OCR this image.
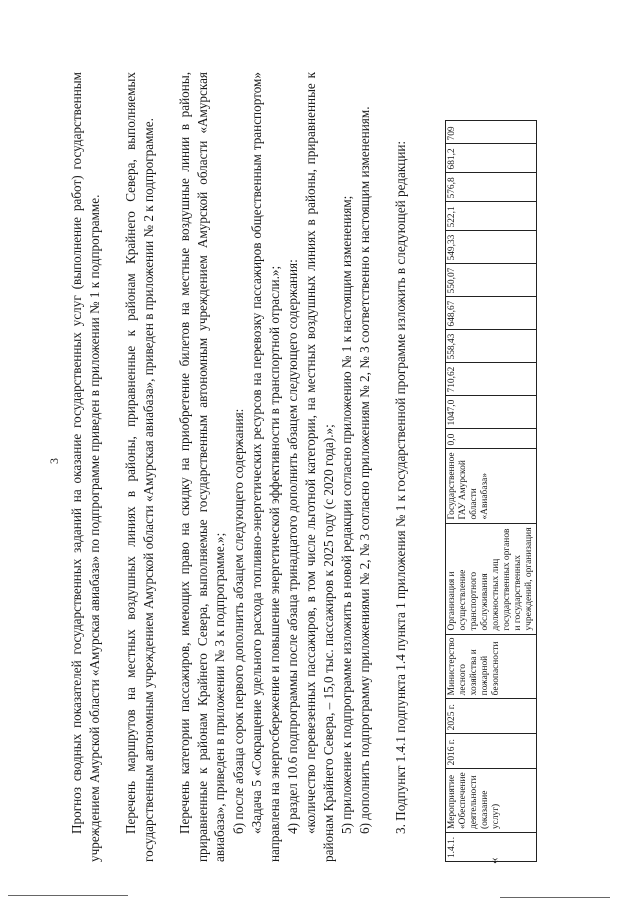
3 Прогноз сводных показателей государственных заданий на оказание государственных услуг (выполнение работ) государственным учреждением Амурской области «Амурская авиабаза» по подпрограмме приведен в приложении № 1 к подпрограмме. Перечень маршрутов на местных воздушных линиях в районы, приравненные к районам Крайнего Севера, выполняемых государственным автономным учреждением Амурской области «Амурская авиабаза», приведен в приложении № 2 к подпрограмме. Перечень категории пассажиров, имеющих право на скидку на приобретение билетов на местные воздушные линии в районы, приравненные к районам Крайнего Севера, выполняемые государственным автономным учреждением Амурской области «Амурская авиабаза», приведен в приложении № 3 к подпрограмме.»; б) после абзаца сорок первого дополнить абзацем следующего содержания: «Задача 5 «Сокращение удельного расхода топливно-энергетических ресурсов на перевозку пассажиров общественным транспортом» направлена на энергосбережение и повышение энергетической эффективности в транспортной отрасли.»; 4) раздел 10.6 подпрограммы после абзаца тринадцатого дополнить абзацем следующего содержания: «количество перевезенных пассажиров, в том числе льготной категории, на местных воздушных линиях в районы, приравненные к районам Крайнего Севера, – 15,0 тыс. пассажиров к 2025 году (с 2020 года).»; 5) приложение к подпрограмме изложить в новой редакции согласно приложению № 1 к настоящим изменениям; 6) дополнить подпрограмму приложениями № 2, № 3 согласно приложениям № 2, № 3 соответственно к настоящим изменениям. 3. Подпункт 1.4.1 подпункта 1.4 пункта 1 приложения № 1 к государственной программе изложить в следующей редакции:

«
1.4.1.	Мероприятие «Обеспечение деятельности (оказание услуг)	2016 г.	2025 г.	Министерство лесного хозяйства и пожарной безопасности	Организация и осуществление транспортного обслуживания должностных лиц государственных органов и государственных учреждений, организация	Государственное ГАУ Амурской области «Авиабаза»	0,0	1047,0	710,62	558,43	648,67	550,07	549,33	522,1	576,8	681,2	709
